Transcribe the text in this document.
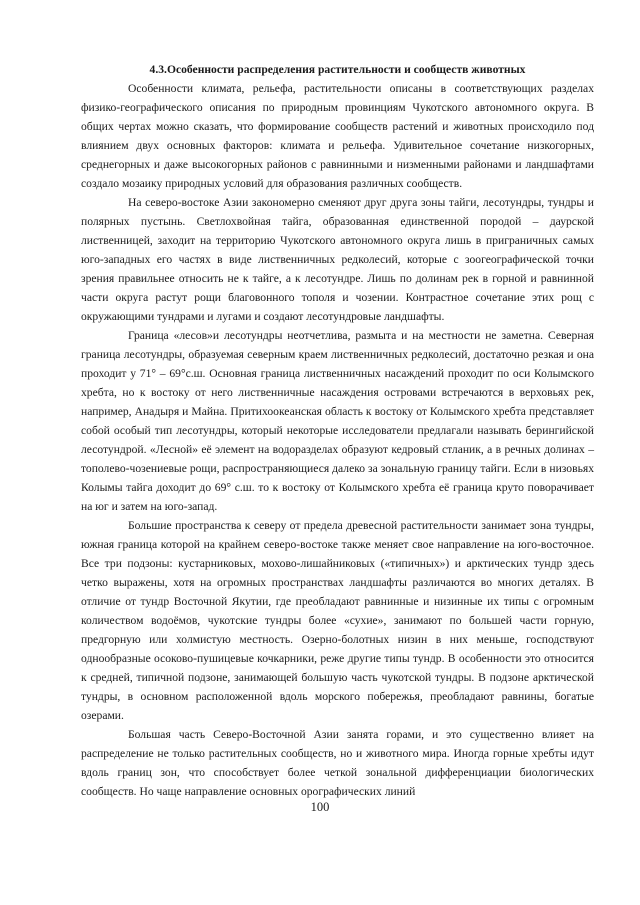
4.3.Особенности распределения растительности и сообществ животных

Особенности климата, рельефа, растительности описаны в соответствующих разделах физико-географического описания по природным провинциям Чукотского автономного округа. В общих чертах можно сказать, что формирование сообществ растений и животных происходило под влиянием двух основных факторов: климата и рельефа. Удивительное сочетание низкогорных, среднегорных и даже высокогорных районов с равнинными и низменными районами и ландшафтами создало мозаику природных условий для образования различных сообществ.

На северо-востоке Азии закономерно сменяют друг друга зоны тайги, лесотундры, тундры и полярных пустынь. Светлохвойная тайга, образованная единственной породой – даурской лиственницей, заходит на территорию Чукотского автономного округа лишь в приграничных самых юго-западных его частях в виде лиственничных редколесий, которые с зоогеографической точки зрения правильнее относить не к тайге, а к лесотундре. Лишь по долинам рек в горной и равнинной части округа растут рощи благовонного тополя и чозении. Контрастное сочетание этих рощ с окружающими тундрами и лугами и создают лесотундровые ландшафты.

Граница «лесов»и лесотундры неотчетлива, размыта и на местности не заметна. Северная граница лесотундры, образуемая северным краем лиственничных редколесий, достаточно резкая и она проходит у 71° – 69°с.ш. Основная граница лиственничных насаждений проходит по оси Колымского хребта, но к востоку от него лиственничные насаждения островами встречаются в верховьях рек, например, Анадыря и Майна. Притихоокеанская область к востоку от Колымского хребта представляет собой особый тип лесотундры, который некоторые исследователи предлагали называть берингийской лесотундрой. «Лесной» её элемент на водоразделах образуют кедровый стланик, а в речных долинах – тополево-чозениевые рощи, распространяющиеся далеко за зональную границу тайги. Если в низовьях Колымы тайга доходит до 69° с.ш. то к востоку от Колымского хребта её граница круто поворачивает на юг и затем на юго-запад.

Большие пространства к северу от предела древесной растительности занимает зона тундры, южная граница которой на крайнем северо-востоке также меняет свое направление на юго-восточное. Все три подзоны: кустарниковых, мохово-лишайниковых («типичных») и арктических тундр здесь четко выражены, хотя на огромных пространствах ландшафты различаются во многих деталях. В отличие от тундр Восточной Якутии, где преобладают равнинные и низинные их типы с огромным количеством водоёмов, чукотские тундры более «сухие», занимают по большей части горную, предгорную или холмистую местность. Озерно-болотных низин в них меньше, господствуют однообразные осоково-пушицевые кочкарники, реже другие типы тундр. В особенности это относится к средней, типичной подзоне, занимающей большую часть чукотской тундры. В подзоне арктической тундры, в основном расположенной вдоль морского побережья, преобладают равнины, богатые озерами.

Большая часть Северо-Восточной Азии занята горами, и это существенно влияет на распределение не только растительных сообществ, но и животного мира. Иногда горные хребты идут вдоль границ зон, что способствует более четкой зональной дифференциации биологических сообществ. Но чаще направление основных орографических линий

100
